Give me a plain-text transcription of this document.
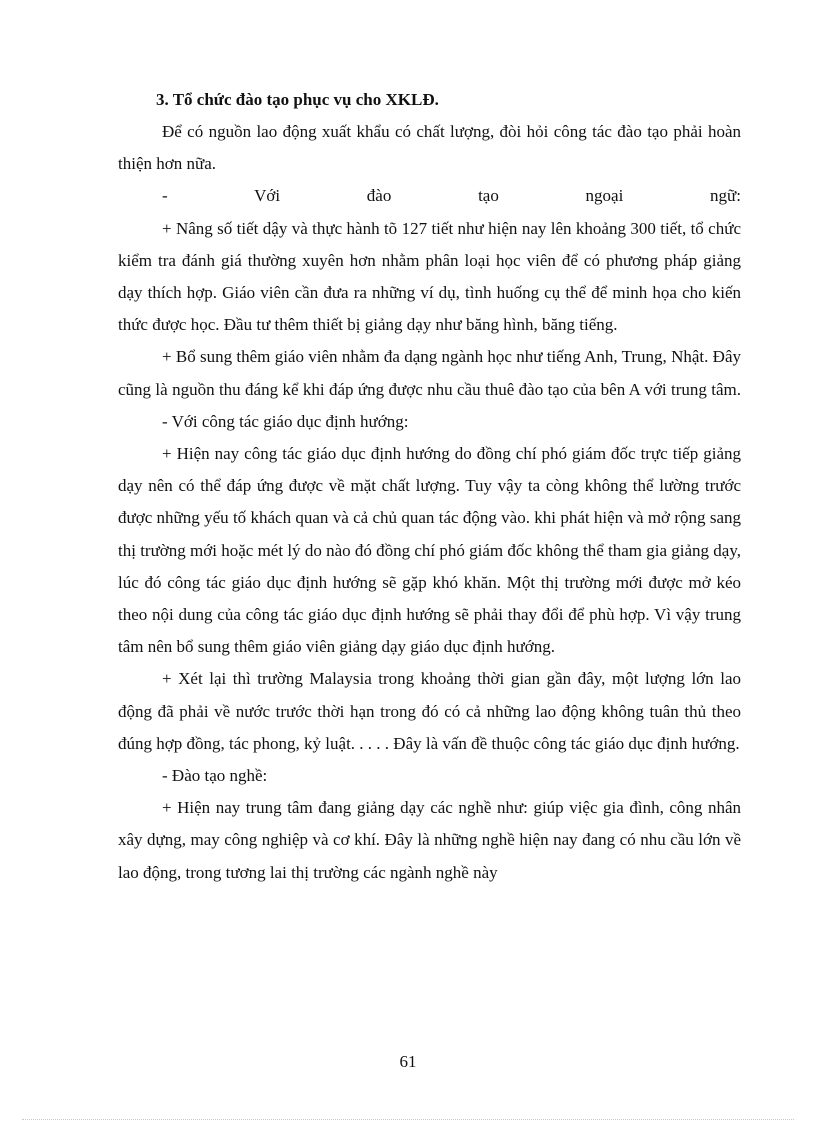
3. Tổ chức đào tạo phục vụ cho XKLĐ.

Để có nguồn lao động xuất khẩu có chất lượng, đòi hỏi công tác đào tạo phải hoàn thiện hơn nữa.

- Với đào tạo ngoại ngữ:

+ Nâng số tiết dậy và thực hành tõ 127 tiết như hiện nay lên khoảng 300 tiết, tổ chức kiểm tra đánh giá thường xuyên hơn nhằm phân loại học viên để có phương pháp giảng dạy thích hợp. Giáo viên cần đưa ra những ví dụ, tình huống cụ thể để minh họa cho kiến thức được học. Đầu tư thêm thiết bị giảng dạy như băng hình, băng tiếng.

+ Bổ sung thêm giáo viên nhằm đa dạng ngành học như tiếng Anh, Trung, Nhật. Đây cũng là nguồn thu đáng kể khi đáp ứng được nhu cầu thuê đào tạo của bên A với trung tâm.

- Với công tác giáo dục định hướng:

+ Hiện nay công tác giáo dục định hướng do đồng chí phó giám đốc trực tiếp giảng dạy nên có thể đáp ứng được về mặt chất lượng. Tuy vậy ta còng không thể lường trước được những yếu tố khách quan và cả chủ quan tác động vào. khi phát hiện và mở rộng sang thị trường mới hoặc mét lý do nào đó đồng chí phó giám đốc không thể tham gia giảng dạy, lúc đó công tác giáo dục định hướng sẽ gặp khó khăn. Một thị trường mới được mở kéo theo nội dung của công tác giáo dục định hướng sẽ phải thay đổi để phù hợp. Vì vậy trung tâm nên bổ sung thêm giáo viên giảng dạy giáo dục định hướng.

+ Xét lại thì trường Malaysia trong khoảng thời gian gần đây, một lượng lớn lao động đã phải về nước trước thời hạn trong đó có cả những lao động không tuân thủ theo đúng hợp đồng, tác phong, kỷ luật. . . . . Đây là vấn đề thuộc công tác giáo dục định hướng.

- Đào tạo nghề:

+ Hiện nay trung tâm đang giảng dạy các nghề như: giúp việc gia đình, công nhân xây dựng, may công nghiệp và cơ khí. Đây là những nghề hiện nay đang có nhu cầu lớn về lao động, trong tương lai thị trường các ngành nghề này

61
